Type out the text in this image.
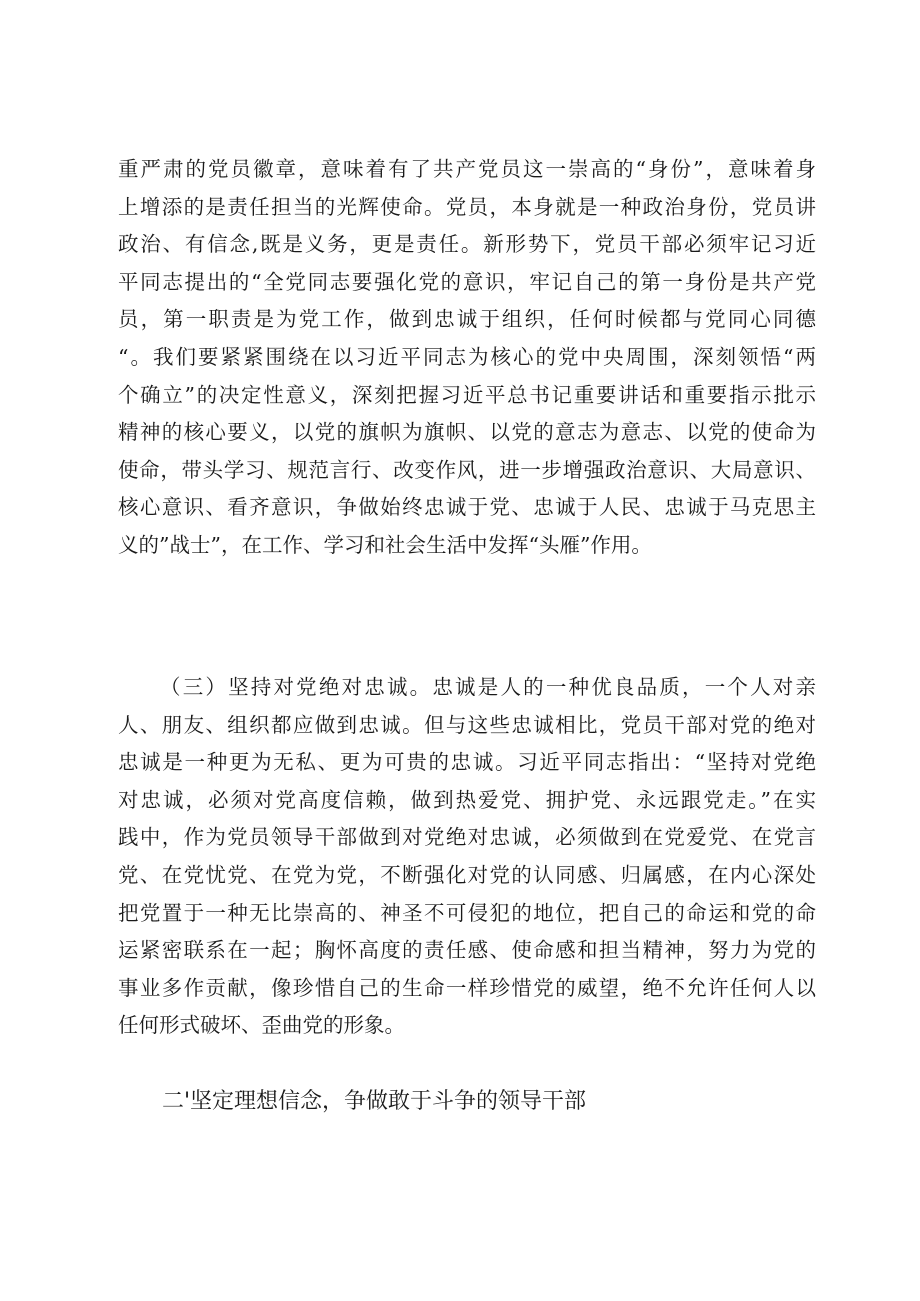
重严肃的党员徽章，意味着有了共产党员这一崇高的“身份”，意味着身
上增添的是责任担当的光辉使命。党员，本身就是一种政治身份，党员讲
政治、有信念,既是义务，更是责任。新形势下，党员干部必须牢记习近
平同志提出的“全党同志要强化党的意识，牢记自己的第一身份是共产党
员，第一职责是为党工作，做到忠诚于组织，任何时候都与党同心同德
“。我们要紧紧围绕在以习近平同志为核心的党中央周围，深刻领悟“两
个确立”的决定性意义，深刻把握习近平总书记重要讲话和重要指示批示
精神的核心要义，以党的旗帜为旗帜、以党的意志为意志、以党的使命为
使命，带头学习、规范言行、改变作风，进一步增强政治意识、大局意识、
核心意识、看齐意识，争做始终忠诚于党、忠诚于人民、忠诚于马克思主
义的”战士”，在工作、学习和社会生活中发挥“头雁”作用。
（三）坚持对党绝对忠诚。忠诚是人的一种优良品质，一个人对亲
人、朋友、组织都应做到忠诚。但与这些忠诚相比，党员干部对党的绝对
忠诚是一种更为无私、更为可贵的忠诚。习近平同志指出：“坚持对党绝
对忠诚，必须对党高度信赖，做到热爱党、拥护党、永远跟党走。”在实
践中，作为党员领导干部做到对党绝对忠诚，必须做到在党爱党、在党言
党、在党忧党、在党为党，不断强化对党的认同感、归属感，在内心深处
把党置于一种无比崇高的、神圣不可侵犯的地位，把自己的命运和党的命
运紧密联系在一起；胸怀高度的责任感、使命感和担当精神，努力为党的
事业多作贡献，像珍惜自己的生命一样珍惜党的威望，绝不允许任何人以
任何形式破坏、歪曲党的形象。
二'坚定理想信念，争做敢于斗争的领导干部
